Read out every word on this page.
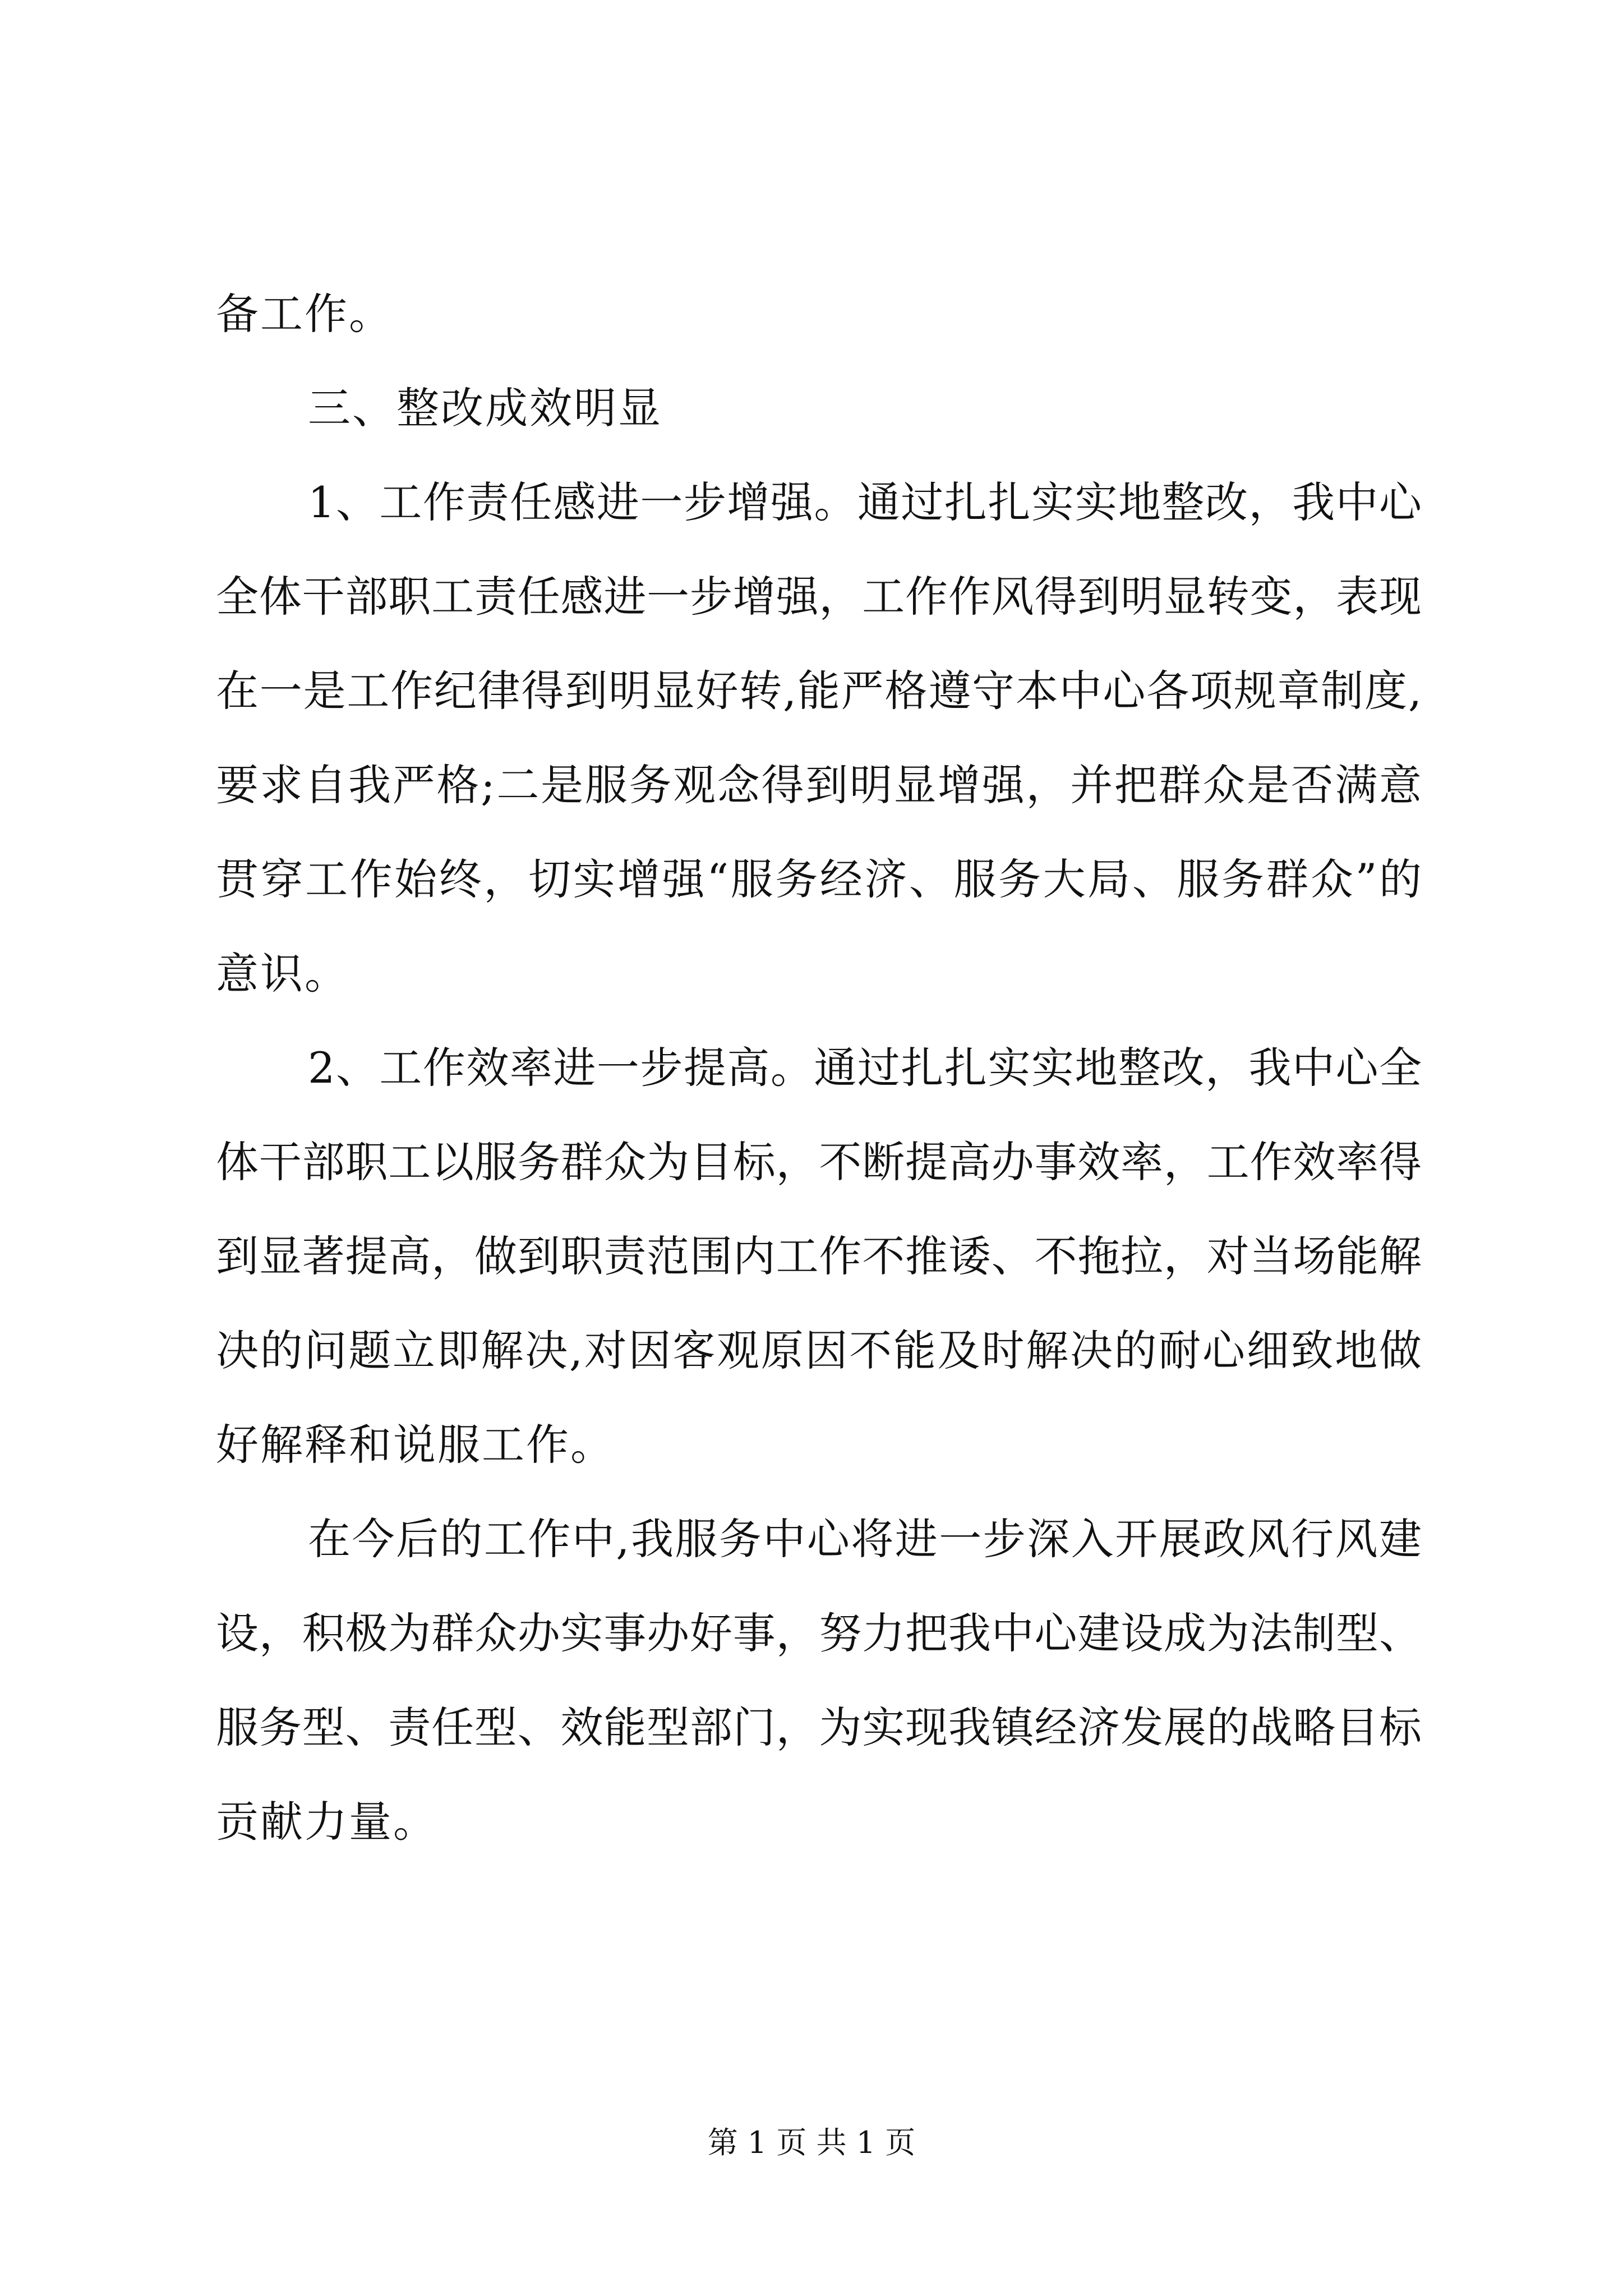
备工作。
三、整改成效明显
1、工作责任感进一步增强。通过扎扎实实地整改，我中心
全体干部职工责任感进一步增强，工作作风得到明显转变，表现
在一是工作纪律得到明显好转,能严格遵守本中心各项规章制度,
要求自我严格;二是服务观念得到明显增强，并把群众是否满意
贯穿工作始终，切实增强“服务经济、服务大局、服务群众”的
意识。
2、工作效率进一步提高。通过扎扎实实地整改，我中心全
体干部职工以服务群众为目标，不断提高办事效率，工作效率得
到显著提高，做到职责范围内工作不推诿、不拖拉，对当场能解
决的问题立即解决,对因客观原因不能及时解决的耐心细致地做
好解释和说服工作。
在今后的工作中,我服务中心将进一步深入开展政风行风建
设，积极为群众办实事办好事，努力把我中心建设成为法制型、
服务型、责任型、效能型部门，为实现我镇经济发展的战略目标
贡献力量。
第 1 页 共 1 页
